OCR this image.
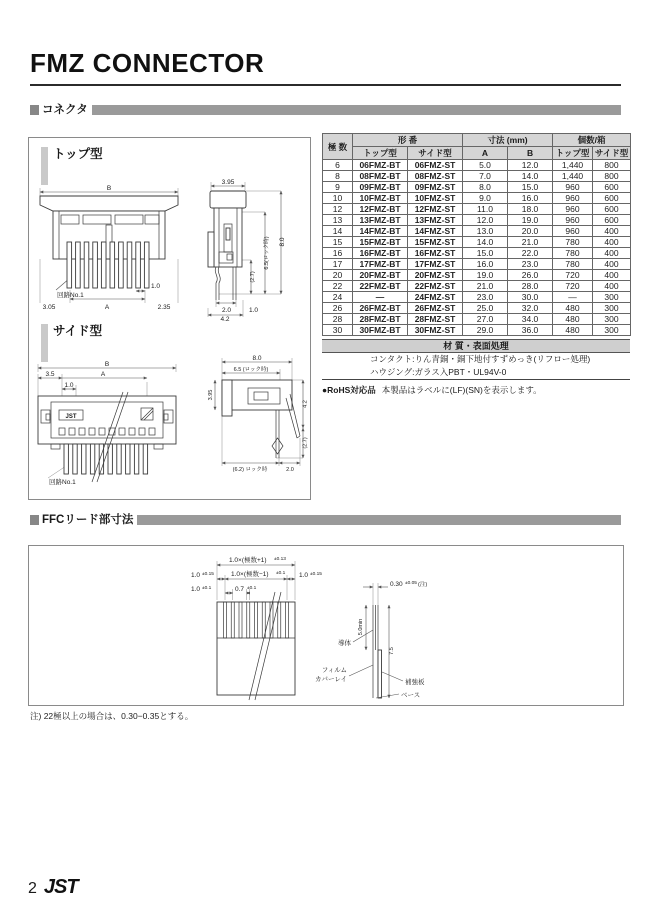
FMZ CONNECTOR
コネクタ
トップ型
B
回路No.1
3.05	A	2.35
1.0
3.95
(2.7)
6.5(ロック時) 8.0
2.0	1.0
4.2
サイド型
B
3.5	A
1.0
JST
回路No.1
8.0
6.5 (ロック時)
3.95
4.2
(2.7)
(6.2) ロック時	2.0
極 数	形 番		寸法 (mm)		個数/箱	
	トップ型	サイド型	A	B	トップ型	サイド型
6	06FMZ-BT	06FMZ-ST	5.0	12.0	1,440	800
8	08FMZ-BT	08FMZ-ST	7.0	14.0	1,440	800
9	09FMZ-BT	09FMZ-ST	8.0	15.0	960	600
10	10FMZ-BT	10FMZ-ST	9.0	16.0	960	600
12	12FMZ-BT	12FMZ-ST	11.0	18.0	960	600
13	13FMZ-BT	13FMZ-ST	12.0	19.0	960	600
14	14FMZ-BT	14FMZ-ST	13.0	20.0	960	400
15	15FMZ-BT	15FMZ-ST	14.0	21.0	780	400
16	16FMZ-BT	16FMZ-ST	15.0	22.0	780	400
17	17FMZ-BT	17FMZ-ST	16.0	23.0	780	400
20	20FMZ-BT	20FMZ-ST	19.0	26.0	720	400
22	22FMZ-BT	22FMZ-ST	21.0	28.0	720	400
24	—	24FMZ-ST	23.0	30.0	—	300
26	26FMZ-BT	26FMZ-ST	25.0	32.0	480	300
28	28FMZ-BT	28FMZ-ST	27.0	34.0	480	300
30	30FMZ-BT	30FMZ-ST	29.0	36.0	480	300
材 質・表面処理
コンタクト:りん青銅・銅下地付すずめっき(リフロー処理)
ハウジング:ガラス入PBT・UL94V-0
●RoHS対応品 本製品はラベルに(LF)(SN)を表示します。
FFCリード部寸法
1.0×(極数+1) ±0.13
1.0 ±0.15	1.0×(極数−1) ±0.1 1.0 ±0.15
1.0 ±0.1	0.7 ±0.1
0.30 ±0.05 (注)
5.0min
7.5
導体
フィルム
カバーレイ	補強板
ベース
注) 22極以上の場合は、0.30−0.35とする。
2 JST
